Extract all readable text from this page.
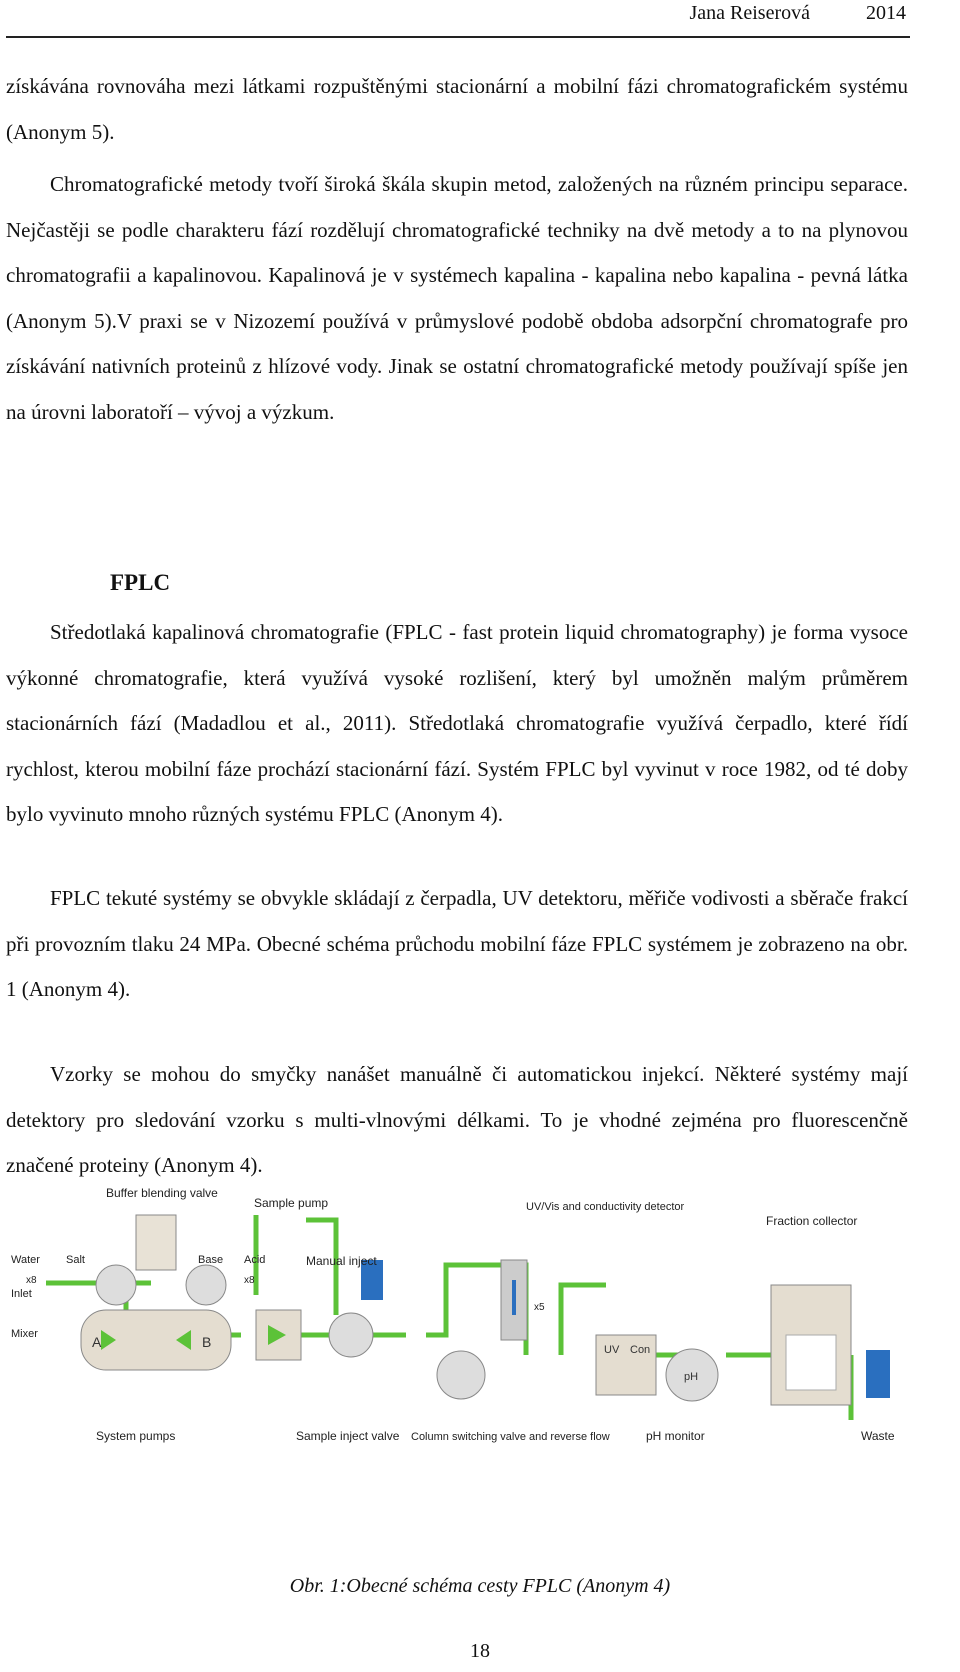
Jana Reiserová	2014

získávána rovnováha mezi látkami rozpuštěnými stacionární a mobilní fázi chromatografickém systému (Anonym 5).

Chromatografické metody tvoří široká škála skupin metod, založených na různém principu separace. Nejčastěji se podle charakteru fází rozdělují chromatografické techniky na dvě metody a to na plynovou chromatografii a kapalinovou. Kapalinová je v systémech kapalina - kapalina nebo kapalina - pevná látka (Anonym 5).V praxi se v Nizozemí používá v průmyslové podobě obdoba adsorpční chromatografe pro získávání nativních proteinů z hlízové vody. Jinak se ostatní chromatografické metody používají spíše jen na úrovni laboratoří – vývoj a výzkum.

FPLC

Středotlaká kapalinová chromatografie (FPLC - fast protein liquid chromatography) je forma vysoce výkonné chromatografie, která využívá vysoké rozlišení, který byl umožněn malým průměrem stacionárních fází (Madadlou et al., 2011). Středotlaká chromatografie využívá čerpadlo, které řídí rychlost, kterou mobilní fáze prochází stacionární fází. Systém FPLC byl vyvinut v roce 1982, od té doby bylo vyvinuto mnoho různých systému FPLC (Anonym 4).

FPLC tekuté systémy se obvykle skládají z čerpadla, UV detektoru, měřiče vodivosti a sběrače frakcí při provozním tlaku 24 MPa. Obecné schéma průchodu mobilní fáze FPLC systémem je zobrazeno na obr. 1 (Anonym 4).

Vzorky se mohou do smyčky nanášet manuálně či automatickou injekcí. Některé systémy mají detektory pro sledování vzorku s multi-vlnovými délkami. To je vhodné zejména pro fluorescenčně značené proteiny (Anonym 4).

A	B	UV Con
pH
Buffer blending valve
Sample pump
Water Salt	Base Acid
x8	x8
Inlet
Mixer
Manual inject
UV/Vis and conductivity detector
Fraction collector
x5
System pumps	Sample inject valve Column switching valve and reverse flow	pH monitor	Waste

Obr. 1:Obecné schéma cesty FPLC (Anonym 4)

18
